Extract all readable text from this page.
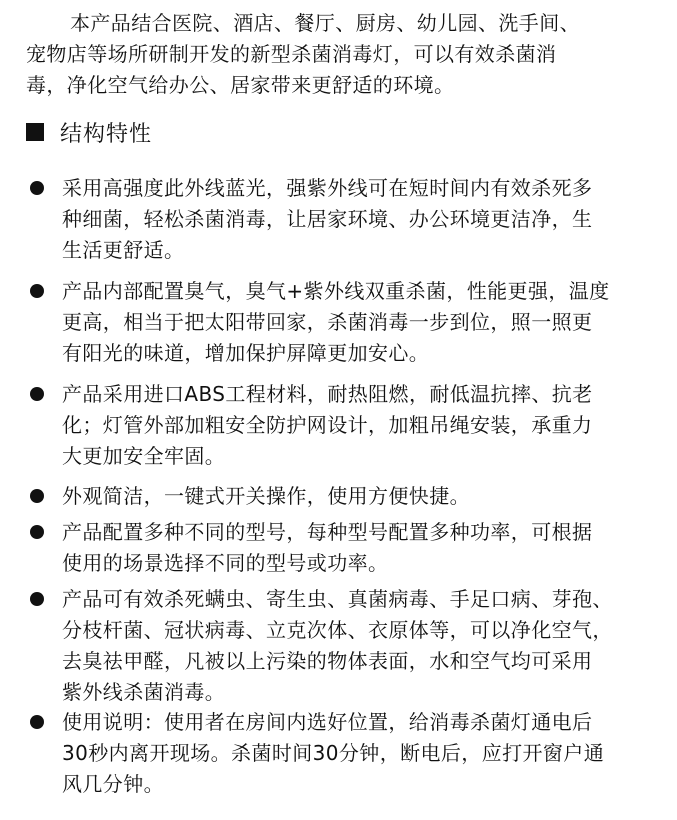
本产品结合医院、酒店、餐厅、厨房、幼儿园、洗手间、
宠物店等场所研制开发的新型杀菌消毒灯，可以有效杀菌消
毒，净化空气给办公、居家带来更舒适的环境。

结构特性

采用高强度此外线蓝光，强紫外线可在短时间内有效杀死多
种细菌，轻松杀菌消毒，让居家环境、办公环境更洁净，生
生活更舒适。

产品内部配置臭气，臭气+紫外线双重杀菌，性能更强，温度
更高，相当于把太阳带回家，杀菌消毒一步到位，照一照更
有阳光的味道，增加保护屏障更加安心。

产品采用进口ABS工程材料，耐热阻燃，耐低温抗摔、抗老
化；灯管外部加粗安全防护网设计，加粗吊绳安装，承重力
大更加安全牢固。

外观简洁，一键式开关操作，使用方便快捷。

产品配置多种不同的型号，每种型号配置多种功率，可根据
使用的场景选择不同的型号或功率。

产品可有效杀死螨虫、寄生虫、真菌病毒、手足口病、芽孢、
分枝杆菌、冠状病毒、立克次体、衣原体等，可以净化空气，
去臭祛甲醛，凡被以上污染的物体表面，水和空气均可采用
紫外线杀菌消毒。

使用说明：使用者在房间内选好位置，给消毒杀菌灯通电后
30秒内离开现场。杀菌时间30分钟，断电后，应打开窗户通
风几分钟。
